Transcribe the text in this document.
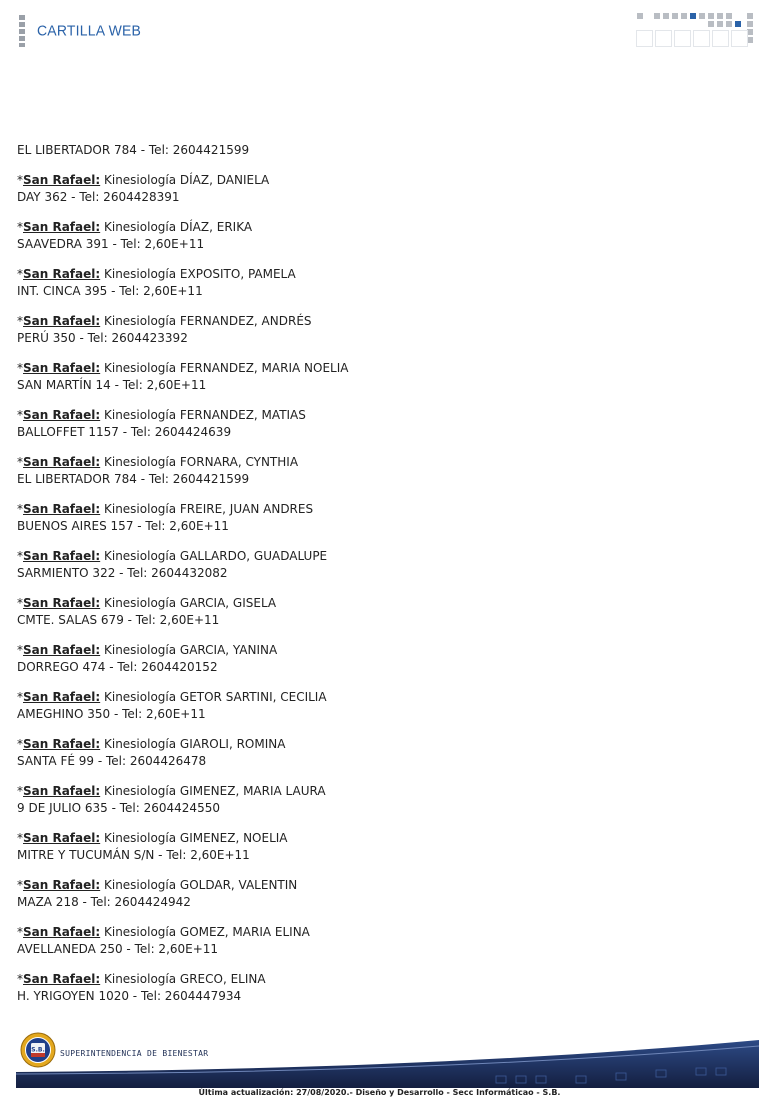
CARTILLA WEB
EL LIBERTADOR 784 - Tel: 2604421599
*San Rafael: Kinesiología DÍAZ, DANIELA
DAY 362 - Tel: 2604428391
*San Rafael: Kinesiología DÍAZ, ERIKA
SAAVEDRA 391 - Tel: 2,60E+11
*San Rafael: Kinesiología EXPOSITO, PAMELA
INT. CINCA 395 - Tel: 2,60E+11
*San Rafael: Kinesiología FERNANDEZ, ANDRÉS
PERÚ 350 - Tel: 2604423392
*San Rafael: Kinesiología FERNANDEZ, MARIA NOELIA
SAN MARTÍN 14 - Tel: 2,60E+11
*San Rafael: Kinesiología FERNANDEZ, MATIAS
BALLOFFET 1157 - Tel: 2604424639
*San Rafael: Kinesiología FORNARA, CYNTHIA
EL LIBERTADOR 784 - Tel: 2604421599
*San Rafael: Kinesiología FREIRE, JUAN ANDRES
BUENOS AIRES 157 - Tel: 2,60E+11
*San Rafael: Kinesiología GALLARDO, GUADALUPE
SARMIENTO 322 - Tel: 2604432082
*San Rafael: Kinesiología GARCIA, GISELA
CMTE. SALAS 679 - Tel: 2,60E+11
*San Rafael: Kinesiología GARCIA, YANINA
DORREGO 474 - Tel: 2604420152
*San Rafael: Kinesiología GETOR SARTINI, CECILIA
AMEGHINO 350 - Tel: 2,60E+11
*San Rafael: Kinesiología GIAROLI, ROMINA
SANTA FÉ 99 - Tel: 2604426478
*San Rafael: Kinesiología GIMENEZ, MARIA LAURA
9 DE JULIO 635 - Tel: 2604424550
*San Rafael: Kinesiología GIMENEZ, NOELIA
MITRE Y TUCUMÁN S/N - Tel: 2,60E+11
*San Rafael: Kinesiología GOLDAR, VALENTIN
MAZA 218 - Tel: 2604424942
*San Rafael: Kinesiología GOMEZ, MARIA ELINA
AVELLANEDA 250 - Tel: 2,60E+11
*San Rafael: Kinesiología GRECO, ELINA
H. YRIGOYEN 1020 - Tel: 2604447934
S.B. SUPERINTENDENCIA DE BIENESTAR
Última actualización: 27/08/2020.- Diseño y Desarrollo - Secc Informáticao - S.B.
